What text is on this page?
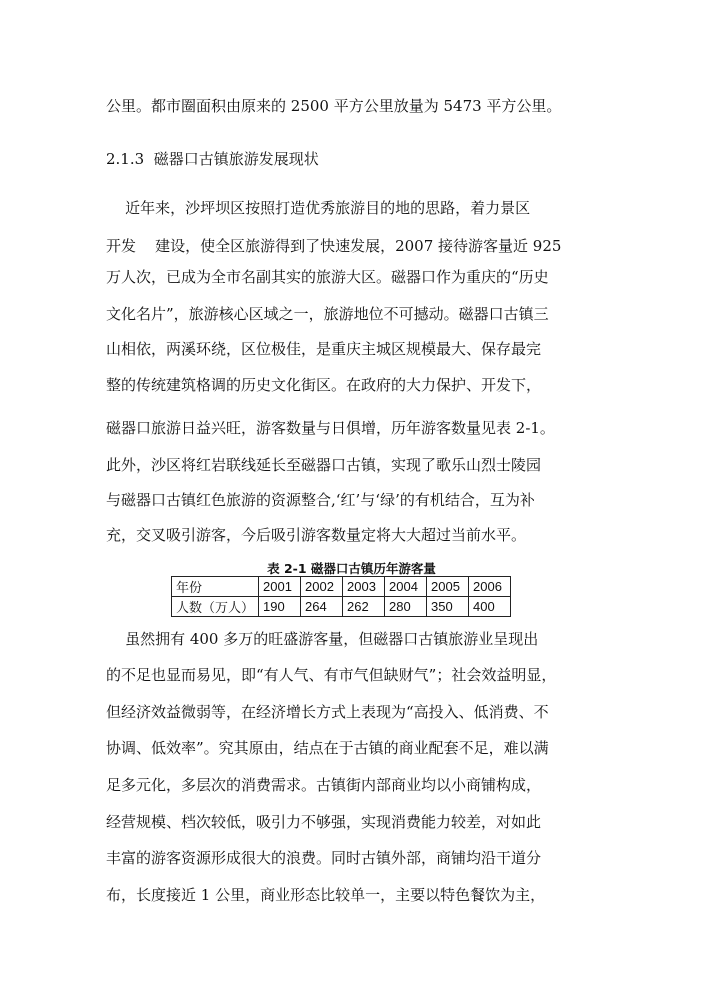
公里。都市圈面积由原来的 2500 平方公里放量为 5473 平方公里。
2.1.3  磁器口古镇旅游发展现状
近年来，沙坪坝区按照打造优秀旅游目的地的思路，着力景区
开发    建设，使全区旅游得到了快速发展，2007 接待游客量近 925
万人次，已成为全市名副其实的旅游大区。磁器口作为重庆的“历史
文化名片”，旅游核心区域之一，旅游地位不可撼动。磁器口古镇三
山相依，两溪环绕，区位极佳，是重庆主城区规模最大、保存最完
整的传统建筑格调的历史文化街区。在政府的大力保护、开发下，
磁器口旅游日益兴旺，游客数量与日俱增，历年游客数量见表 2-1。
此外，沙区将红岩联线延长至磁器口古镇，实现了歌乐山烈士陵园
与磁器口古镇红色旅游的资源整合,‘红’与‘绿’的有机结合，互为补
充，交叉吸引游客，今后吸引游客数量定将大大超过当前水平。
表 2-1 磁器口古镇历年游客量
年份	2001	2002	2003	2004	2005	2006
人数（万人）	190	264	262	280	350	400
虽然拥有 400 多万的旺盛游客量，但磁器口古镇旅游业呈现出
的不足也显而易见，即“有人气、有市气但缺财气”；社会效益明显，
但经济效益微弱等，在经济增长方式上表现为“高投入、低消费、不
协调、低效率”。究其原由，结点在于古镇的商业配套不足，难以满
足多元化，多层次的消费需求。古镇街内部商业均以小商铺构成，
经营规模、档次较低，吸引力不够强，实现消费能力较差，对如此
丰富的游客资源形成很大的浪费。同时古镇外部，商铺均沿干道分
布，长度接近 1 公里，商业形态比较单一，主要以特色餐饮为主，
